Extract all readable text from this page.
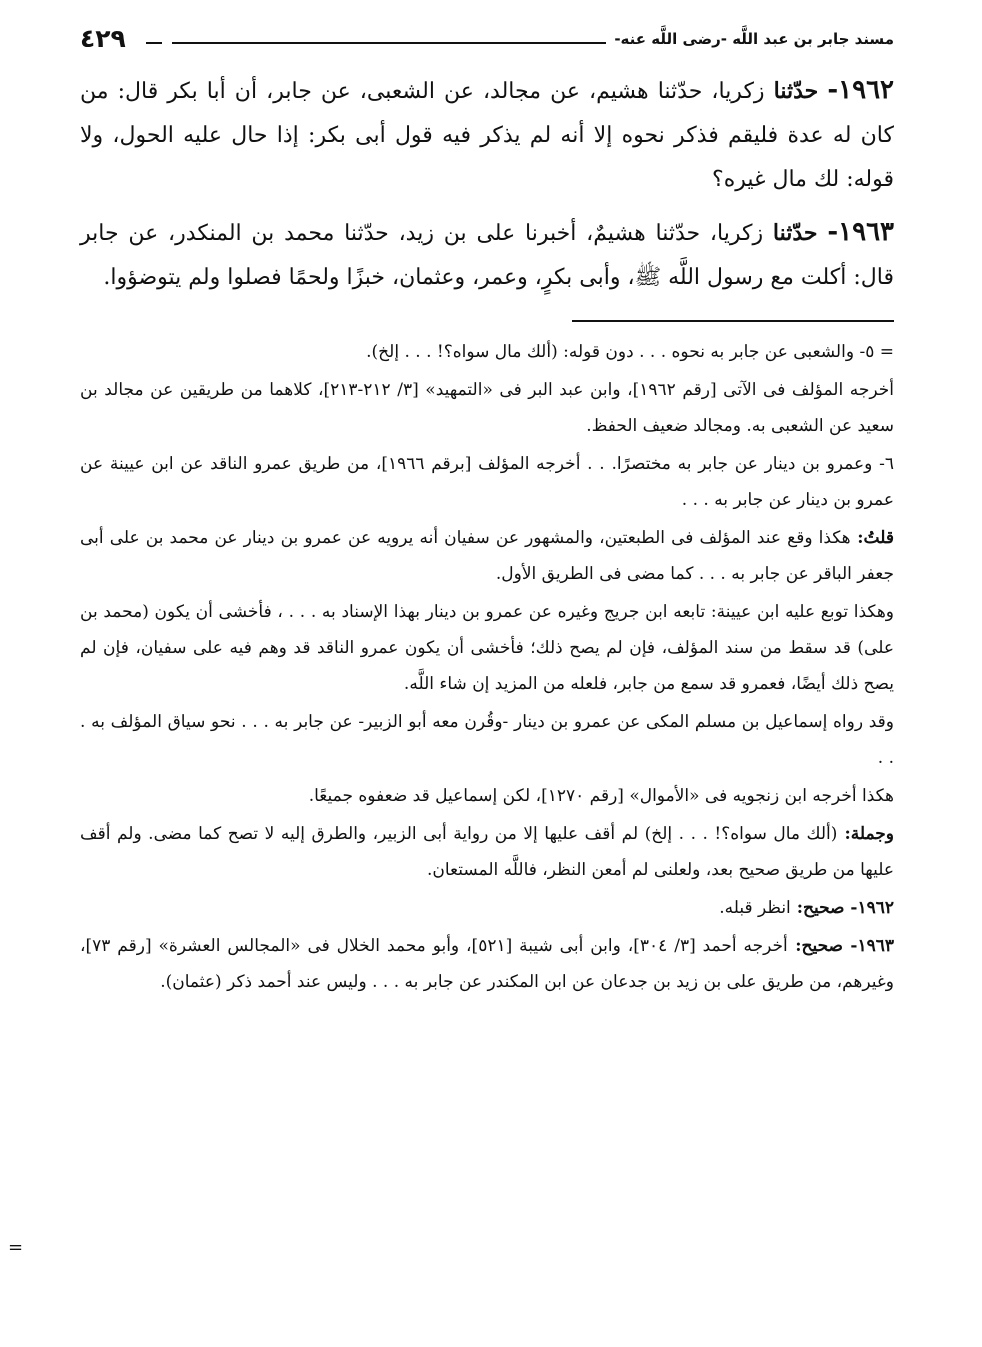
مسند جابر بن عبد اللَّه -رضى اللَّه عنه-
٤٢٩

١٩٦٢- حدّثنا زكريا، حدّثنا هشيم، عن مجالد، عن الشعبى، عن جابر، أن أبا بكر قال: من كان له عدة فليقم فذكر نحوه إلا أنه لم يذكر فيه قول أبى بكر: إذا حال عليه الحول، ولا قوله: لك مال غيره؟

١٩٦٣- حدّثنا زكريا، حدّثنا هشيمٌ، أخبرنا على بن زيد، حدّثنا محمد بن المنكدر، عن جابر قال: أكلت مع رسول اللَّه ﷺ، وأبى بكرٍ، وعمر، وعثمان، خبزًا ولحمًا فصلوا ولم يتوضؤوا.

= ٥- والشعبى عن جابر به نحوه . . . دون قوله: (ألك مال سواه؟! . . . إلخ).

أخرجه المؤلف فى الآتى [رقم ١٩٦٢]، وابن عبد البر فى «التمهيد» [٣/ ٢١٢-٢١٣]، كلاهما من طريقين عن مجالد بن سعيد عن الشعبى به. ومجالد ضعيف الحفظ.

٦- وعمرو بن دينار عن جابر به مختصرًا. . . أخرجه المؤلف [برقم ١٩٦٦]، من طريق عمرو الناقد عن ابن عيينة عن عمرو بن دينار عن جابر به . . .

قلتُ: هكذا وقع عند المؤلف فى الطبعتين، والمشهور عن سفيان أنه يرويه عن عمرو بن دينار عن محمد بن على أبى جعفر الباقر عن جابر به . . . كما مضى فى الطريق الأول.

وهكذا توبع عليه ابن عيينة: تابعه ابن جريج وغيره عن عمرو بن دينار بهذا الإسناد به . . . ، فأخشى أن يكون (محمد بن على) قد سقط من سند المؤلف، فإن لم يصح ذلك؛ فأخشى أن يكون عمرو الناقد قد وهم فيه على سفيان، فإن لم يصح ذلك أيضًا، فعمرو قد سمع من جابر، فلعله من المزيد إن شاء اللَّه.

وقد رواه إسماعيل بن مسلم المكى عن عمرو بن دينار -وقُرن معه أبو الزبير- عن جابر به . . . نحو سياق المؤلف به . . .

هكذا أخرجه ابن زنجويه فى «الأموال» [رقم ١٢٧٠]، لكن إسماعيل قد ضعفوه جميعًا.

وجملة: (ألك مال سواه؟! . . . إلخ) لم أقف عليها إلا من رواية أبى الزبير، والطرق إليه لا تصح كما مضى. ولم أقف عليها من طريق صحيح بعد، ولعلنى لم أمعن النظر، فاللَّه المستعان.

١٩٦٢- صحيح: انظر قبله.

١٩٦٣- صحيح: أخرجه أحمد [٣/ ٣٠٤]، وابن أبى شيبة [٥٢١]، وأبو محمد الخلال فى «المجالس العشرة» [رقم ٧٣]، وغيرهم، من طريق على بن زيد بن جدعان عن ابن المكندر عن جابر به . . . وليس عند أحمد ذكر (عثمان).

=
